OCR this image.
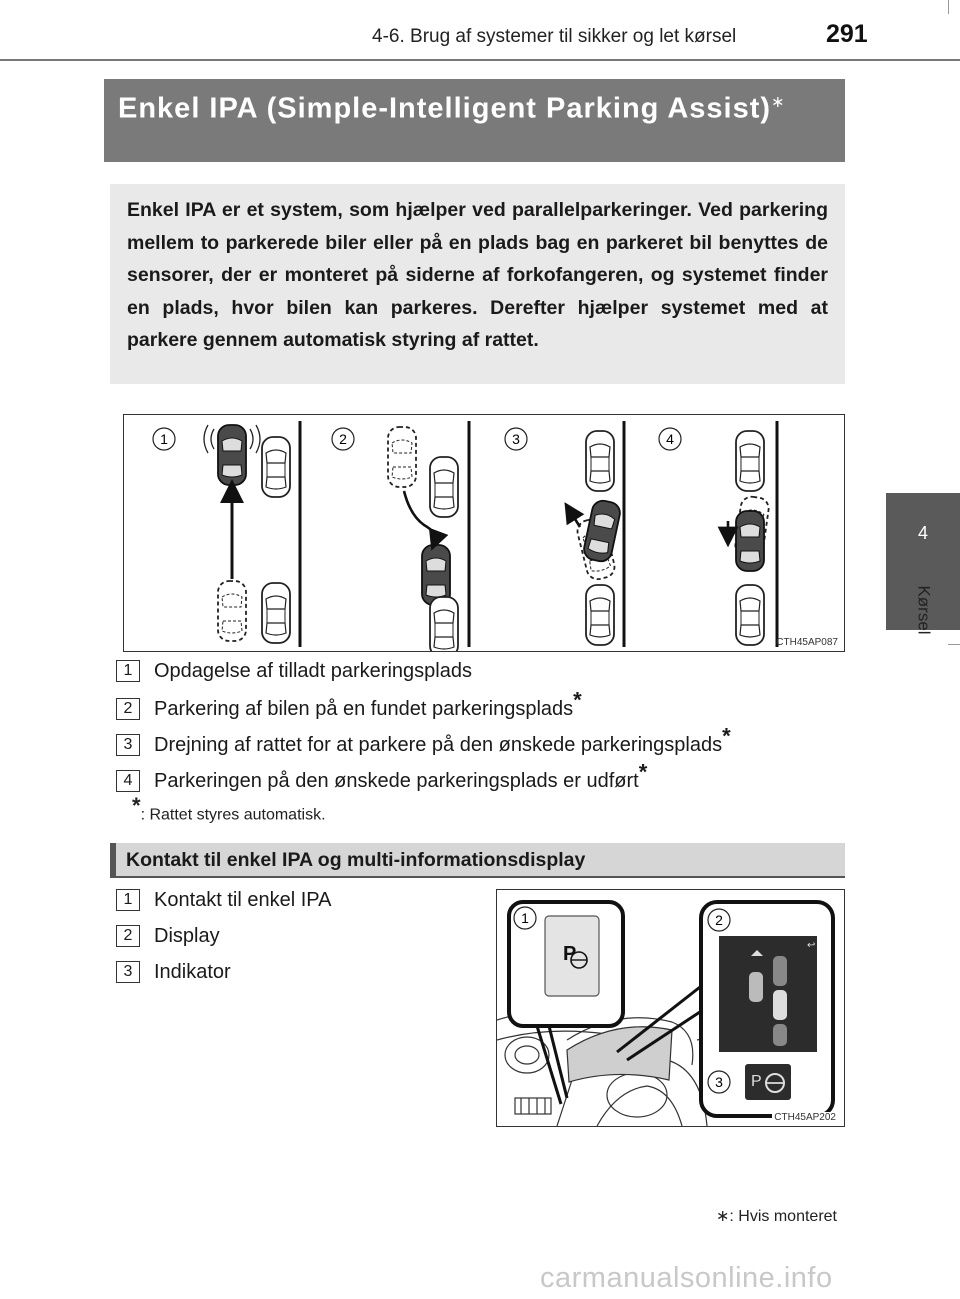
4-6. Brug af systemer til sikker og let kørsel	291
4
Kørsel
Enkel IPA (Simple-Intelligent Parking Assist)∗
Enkel IPA er et system, som hjælper ved parallelparkeringer. Ved parkering mellem to parkerede biler eller på en plads bag en parkeret bil benyttes de sensorer, der er monteret på siderne af forkofangeren, og systemet finder en plads, hvor bilen kan parkeres. Derefter hjælper systemet med at parkere gennem automatisk styring af rattet.
1	2	3	4
CTH45AP087
1 Opdagelse af tilladt parkeringsplads
2 Parkering af bilen på en fundet parkeringsplads*
3 Drejning af rattet for at parkere på den ønskede parkeringsplads*
4 Parkeringen på den ønskede parkeringsplads er udført*
*: Rattet styres automatisk.
Kontakt til enkel IPA og multi-informationsdisplay
1 Kontakt til enkel IPA
2 Display
3 Indikator
P
1
↩
2
P
3
CTH45AP202
∗: Hvis monteret
carmanualsonline.info
